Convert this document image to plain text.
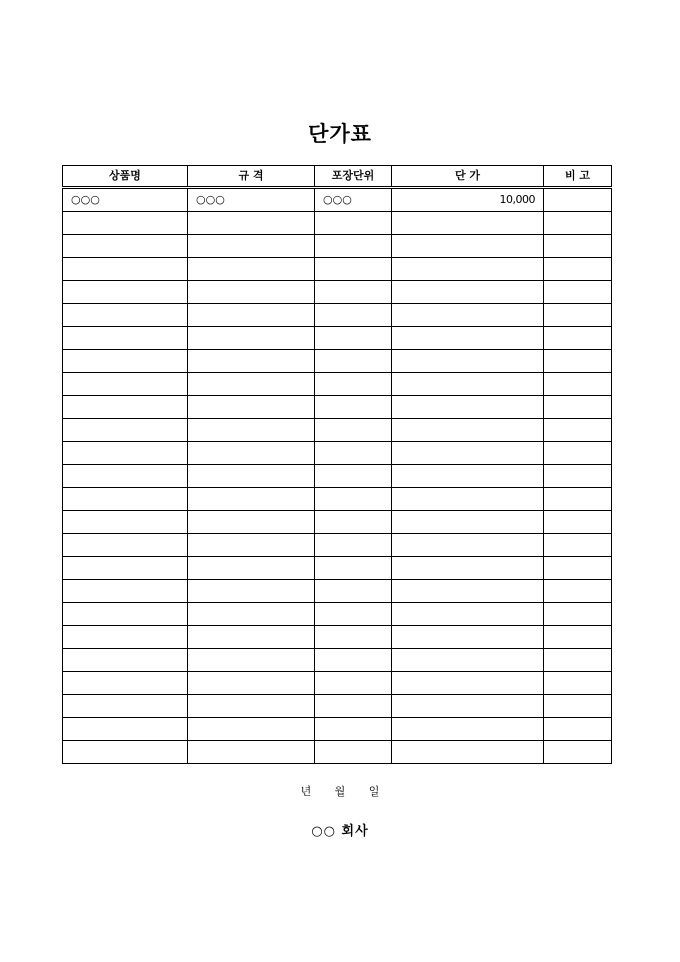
단가표
상품명	규 격	포장단위	단 가	비 고
○○○	○○○	○○○	10,000	

년 월 일
○○ 회사
